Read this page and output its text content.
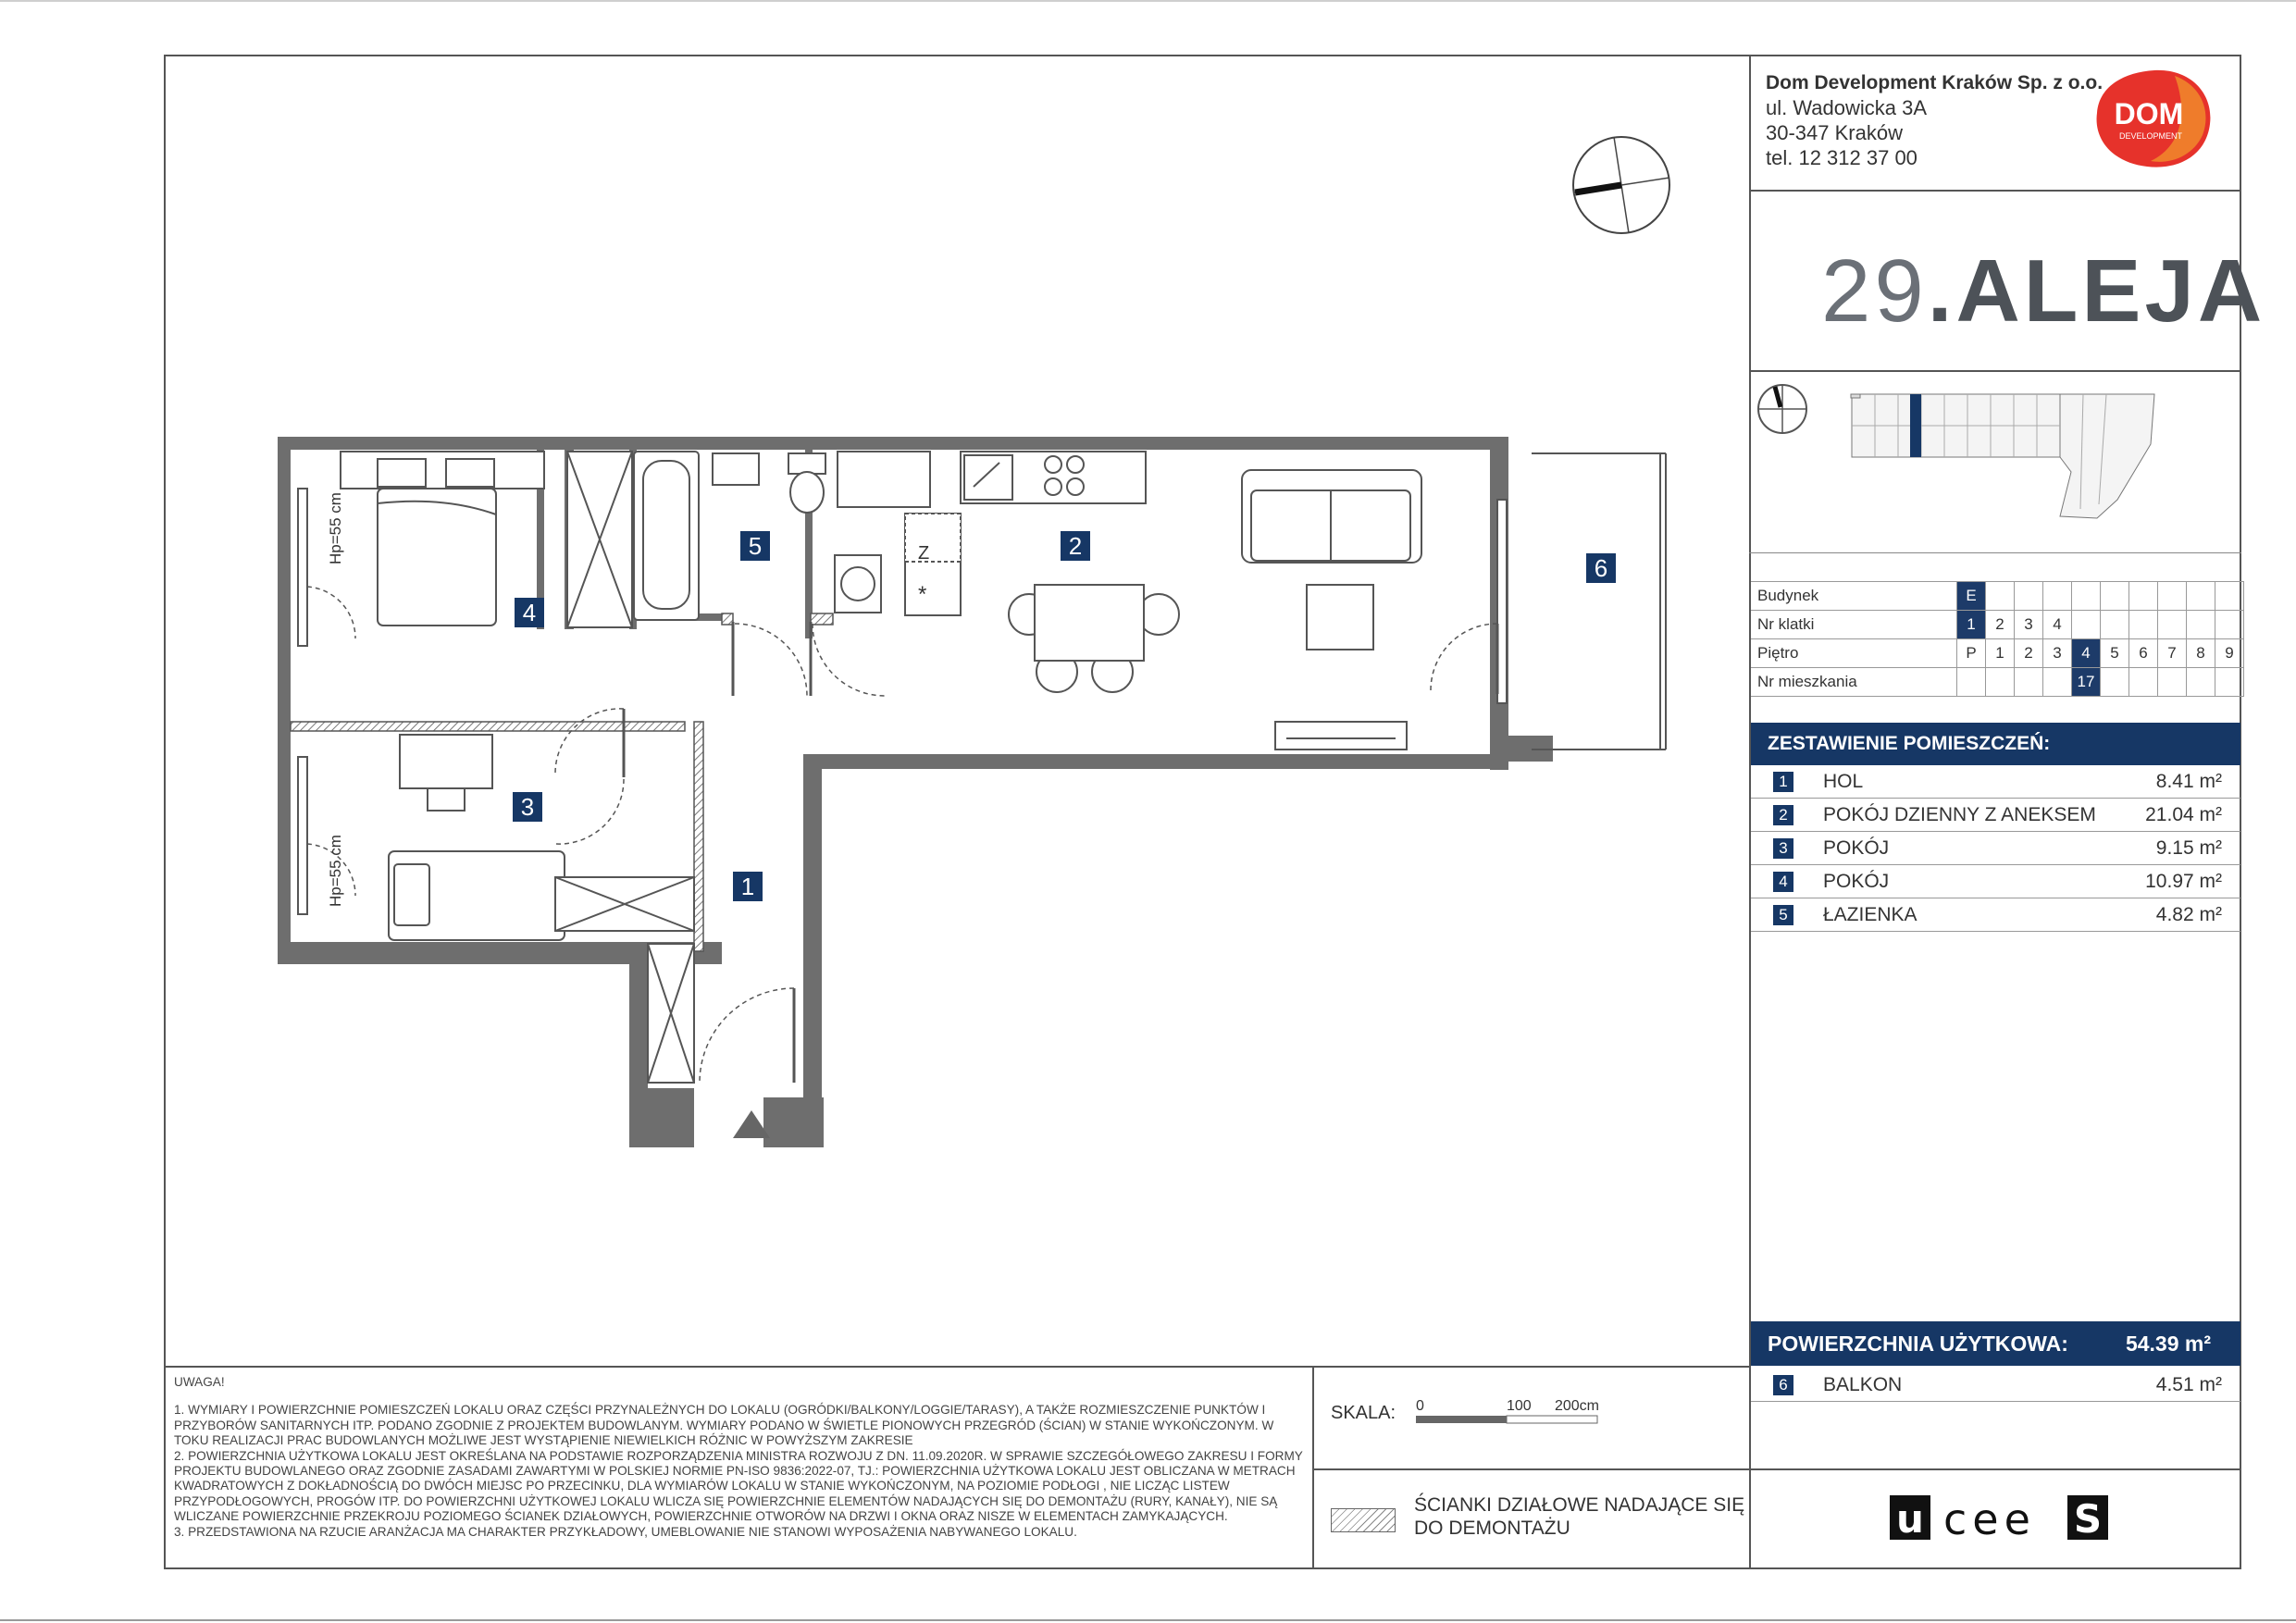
Dom Development Kraków Sp. z o.o.
ul. Wadowicka 3A
30-347 Kraków
tel. 12 312 37 00
DOM
DEVELOPMENT
29.ALEJA
Budynek	E									
Nr klatki	1	2	3	4						
Piętro	P	1	2	3	4	5	6	7	8	9
Nr mieszkania					17					
ZESTAWIENIE POMIESZCZEŃ:
1 HOL	8.41 m²
2 POKÓJ DZIENNY Z ANEKSEM	21.04 m²
3 POKÓJ	9.15 m²
4 POKÓJ	10.97 m²
5 ŁAZIENKA	4.82 m²
POWIERZCHNIA UŻYTKOWA:	54.39 m²
6 BALKON	4.51 m²
UWAGA!
1. WYMIARY I POWIERZCHNIE POMIESZCZEŃ LOKALU ORAZ CZĘŚCI PRZYNALEŻNYCH DO LOKALU (OGRÓDKI/BALKONY/LOGGIE/TARASY), A TAKŻE ROZMIESZCZENIE PUNKTÓW I PRZYBORÓW SANITARNYCH ITP. PODANO ZGODNIE Z PROJEKTEM BUDOWLANYM. WYMIARY PODANO W ŚWIETLE PIONOWYCH PRZEGRÓD (ŚCIAN) W STANIE WYKOŃCZONYM. W TOKU REALIZACJI PRAC BUDOWLANYCH MOŻLIWE JEST WYSTĄPIENIE NIEWIELKICH RÓŻNIC W POWYŻSZYM ZAKRESIE
2. POWIERZCHNIA UŻYTKOWA LOKALU JEST OKREŚLANA NA PODSTAWIE ROZPORZĄDZENIA MINISTRA ROZWOJU Z DN. 11.09.2020R. W SPRAWIE SZCZEGÓŁOWEGO ZAKRESU I FORMY PROJEKTU BUDOWLANEGO ORAZ ZGODNIE ZASADAMI ZAWARTYMI W POLSKIEJ NORMIE PN-ISO 9836:2022-07, TJ.: POWIERZCHNIA UŻYTKOWA LOKALU JEST OBLICZANA W METRACH KWADRATOWYCH Z DOKŁADNOŚCIĄ DO DWÓCH MIEJSC PO PRZECINKU, DLA WYMIARÓW LOKALU W STANIE WYKOŃCZONYM, NA POZIOMIE PODŁOGI , NIE LICZĄC LISTEW PRZYPODŁOGOWYCH, PROGÓW ITP. DO POWIERZCHNI UŻYTKOWEJ LOKALU WLICZA SIĘ POWIERZCHNIE ELEMENTÓW NADAJĄCYCH SIĘ DO DEMONTAŻU (RURY, KANAŁY), NIE SĄ WLICZANE POWIERZCHNIE PRZEKROJU POZIOMEGO ŚCIANEK DZIAŁOWYCH, POWIERZCHNIE OTWORÓW NA DRZWI I OKNA ORAZ NISZE W ELEMENTACH ZAMYKAJĄCYCH.
3. PRZEDSTAWIONA NA RZUCIE ARANŻACJA MA CHARAKTER PRZYKŁADOWY, UMEBLOWANIE NIE STANOWI WYPOSAŻENIA NABYWANEGO LOKALU.
SKALA: 0	100 200cm
ŚCIANKI DZIAŁOWE NADAJĄCE SIĘ
DO DEMONTAŻU	u cee S
Z
*
5	2
4
3
1
6
Hp=55 cm
Hp=55 cm
